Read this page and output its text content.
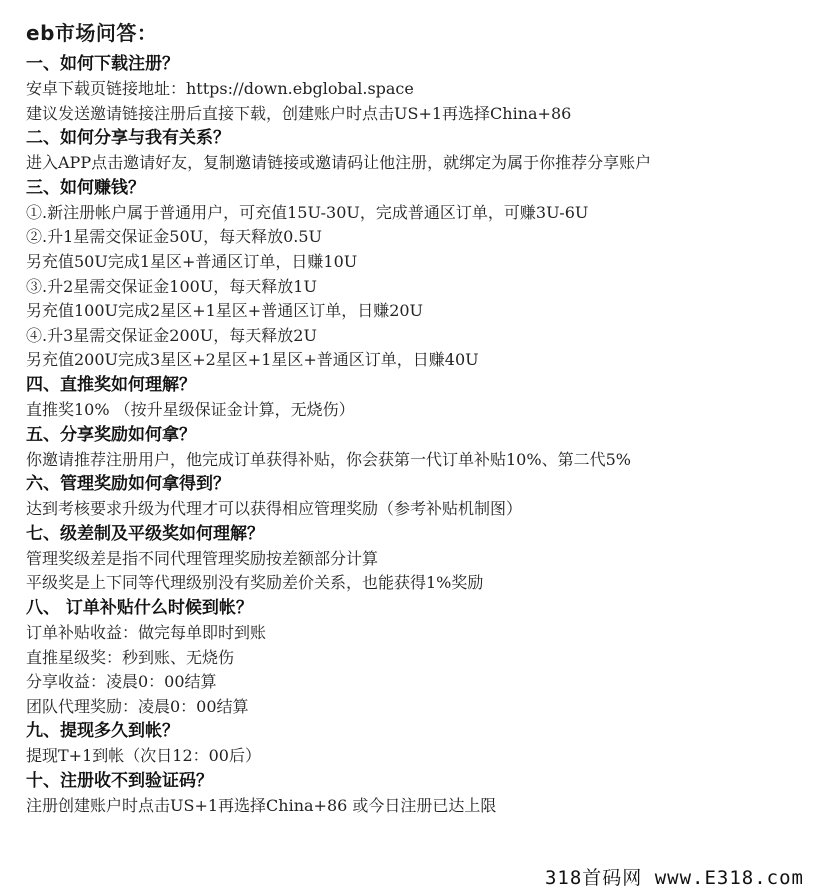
eb市场问答：
一、如何下载注册？
安卓下载页链接地址：https://down.ebglobal.space
建议发送邀请链接注册后直接下载，创建账户时点击US+1再选择China+86
二、如何分享与我有关系？
进入APP点击邀请好友，复制邀请链接或邀请码让他注册，就绑定为属于你推荐分享账户
三、如何赚钱？
①.新注册帐户属于普通用户，可充值15U-30U，完成普通区订单，可赚3U-6U
②.升1星需交保证金50U，每天释放0.5U
另充值50U完成1星区+普通区订单，日赚10U
③.升2星需交保证金100U，每天释放1U
另充值100U完成2星区+1星区+普通区订单，日赚20U
④.升3星需交保证金200U，每天释放2U
另充值200U完成3星区+2星区+1星区+普通区订单，日赚40U
四、直推奖如何理解？
直推奖10% （按升星级保证金计算，无烧伤）
五、分享奖励如何拿？
你邀请推荐注册用户，他完成订单获得补贴，你会获第一代订单补贴10%、第二代5%
六、管理奖励如何拿得到？
达到考核要求升级为代理才可以获得相应管理奖励（参考补贴机制图）
七、级差制及平级奖如何理解？
管理奖级差是指不同代理管理奖励按差额部分计算
平级奖是上下同等代理级别没有奖励差价关系，也能获得1%奖励
八、 订单补贴什么时候到帐？
订单补贴收益：做完每单即时到账
直推星级奖：秒到账、无烧伤
分享收益：凌晨0：00结算
团队代理奖励：凌晨0：00结算
九、提现多久到帐？
提现T+1到帐（次日12：00后）
十、注册收不到验证码？
注册创建账户时点击US+1再选择China+86 或今日注册已达上限
318首码网 www.E318.com
